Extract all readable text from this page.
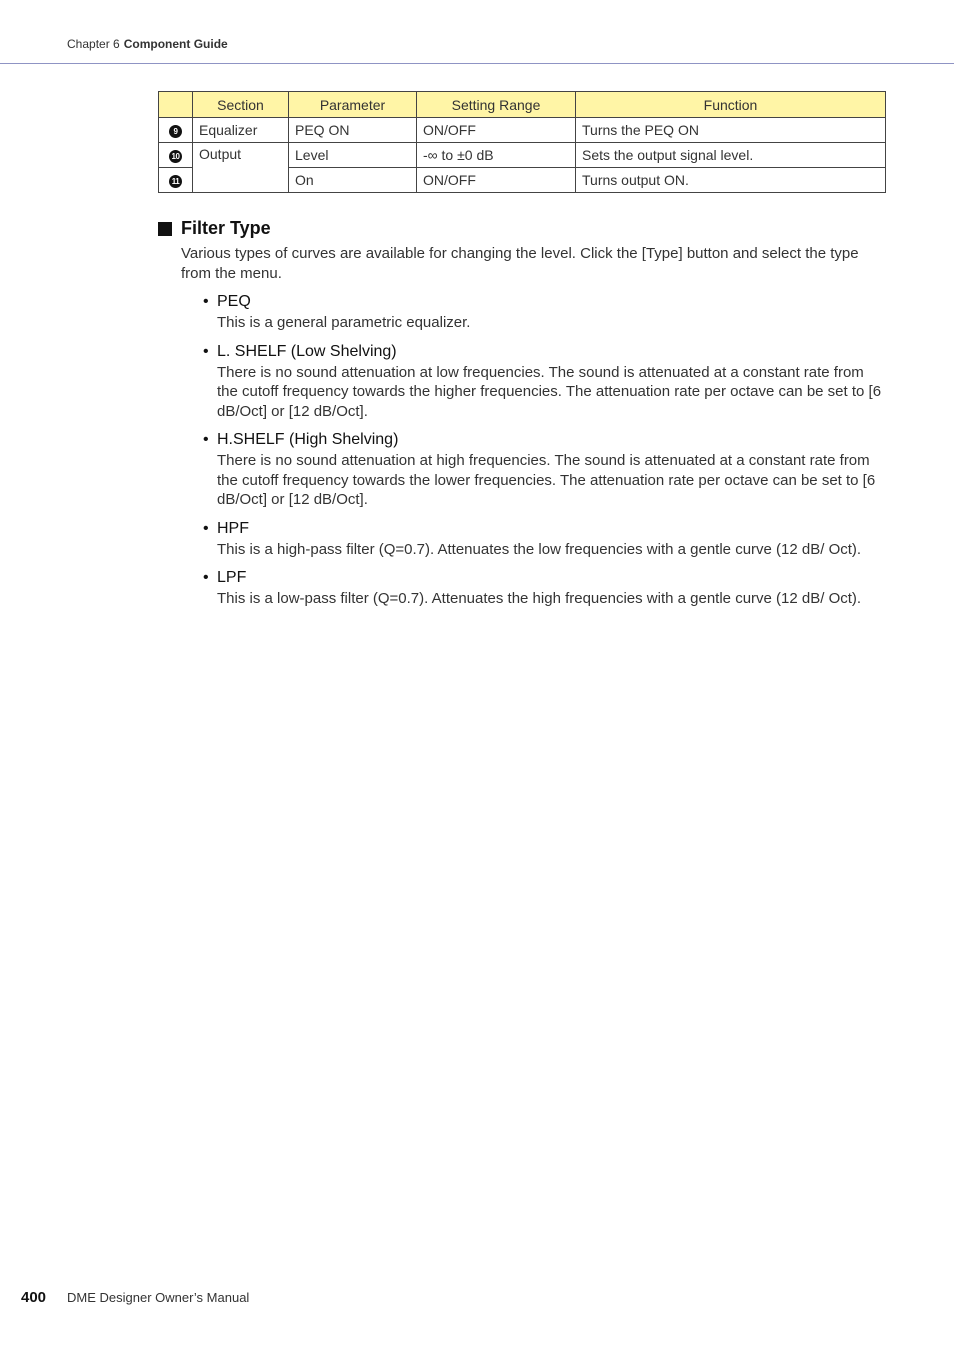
Chapter 6 Component Guide
	Section	Parameter	Setting Range	Function
9	Equalizer	PEQ ON	ON/OFF	Turns the PEQ ON
10	Output	Level	-∞ to ±0 dB	Sets the output signal level.
11		On	ON/OFF	Turns output ON.
Filter Type

Various types of curves are available for changing the level. Click the [Type] button and select the type from the menu.

• PEQ

This is a general parametric equalizer.

• L. SHELF (Low Shelving)

There is no sound attenuation at low frequencies. The sound is attenuated at a constant rate from the cutoff frequency towards the higher frequencies. The attenuation rate per octave can be set to [6 dB/Oct] or [12 dB/Oct].

• H.SHELF (High Shelving)

There is no sound attenuation at high frequencies. The sound is attenuated at a constant rate from the cutoff frequency towards the lower frequencies. The attenuation rate per octave can be set to [6 dB/Oct] or [12 dB/Oct].

• HPF

This is a high-pass filter (Q=0.7). Attenuates the low frequencies with a gentle curve (12 dB/ Oct).

• LPF

This is a low-pass filter (Q=0.7). Attenuates the high frequencies with a gentle curve (12 dB/ Oct).

400 DME Designer Owner’s Manual
